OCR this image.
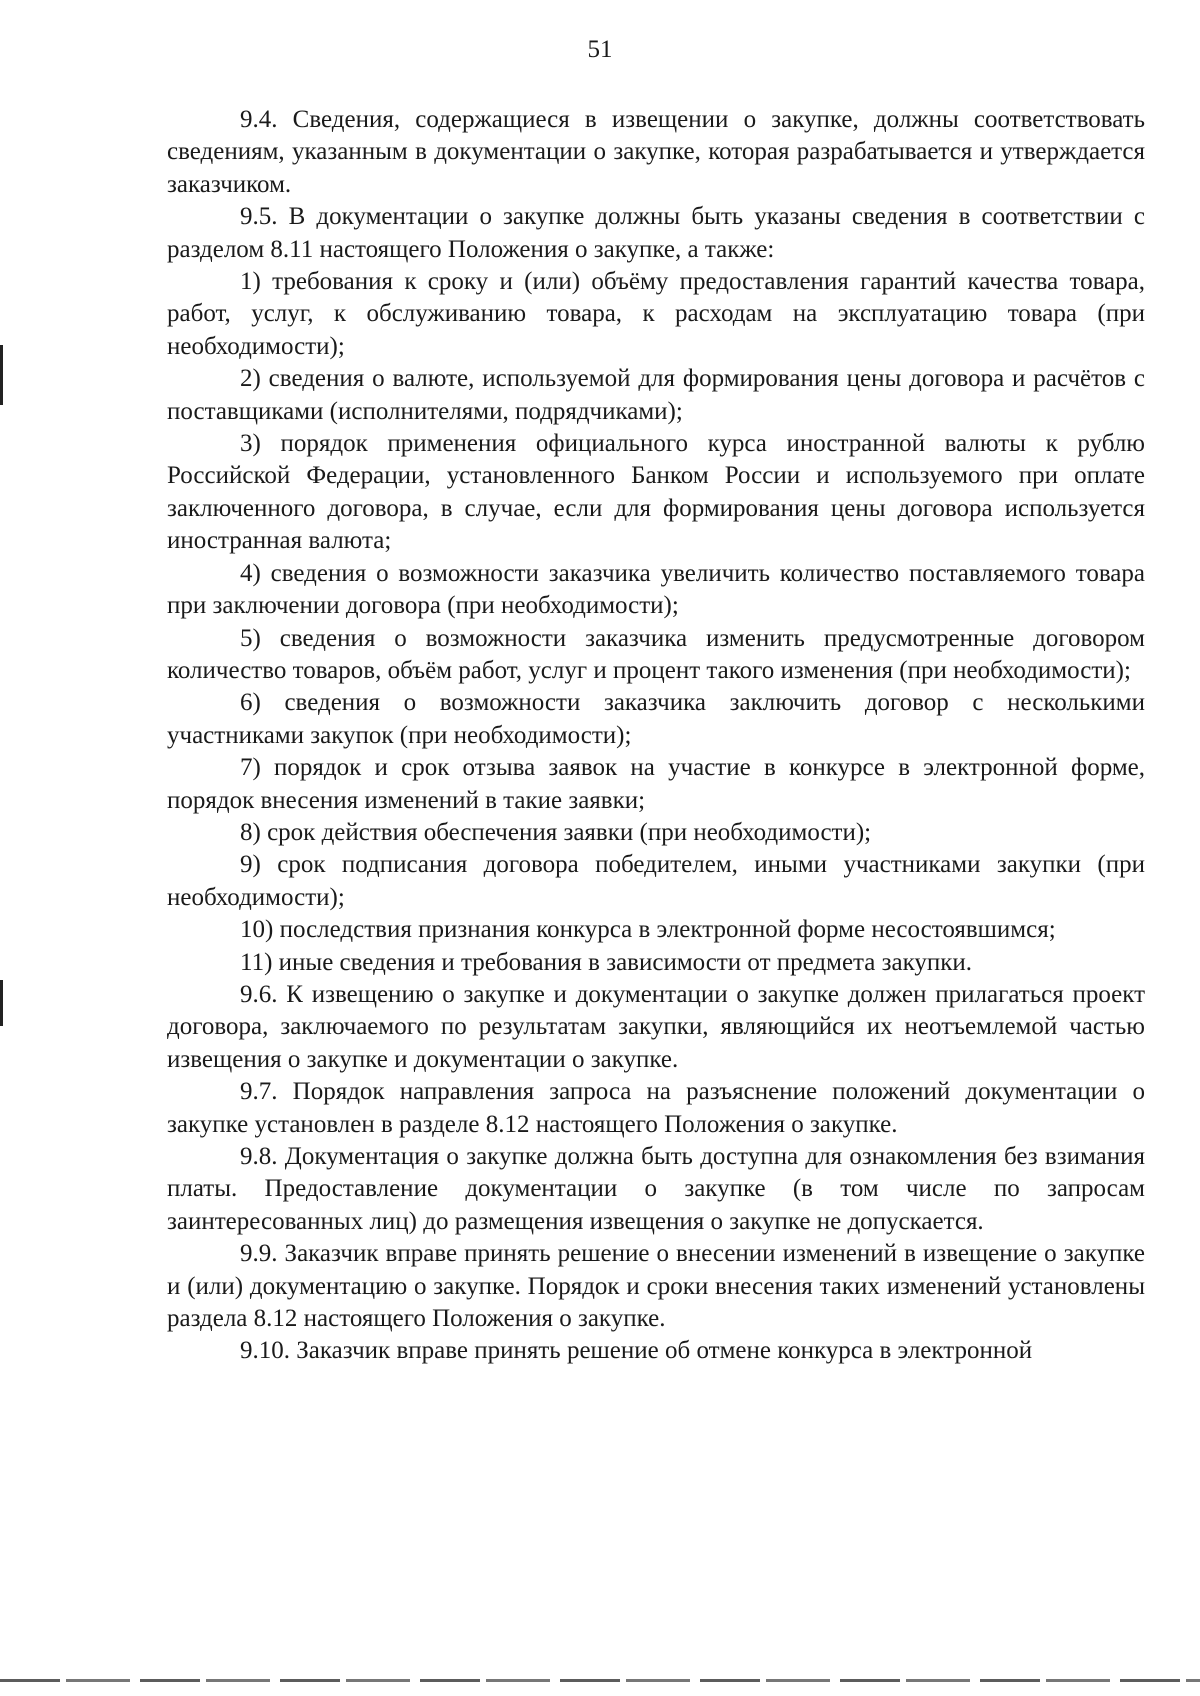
51

9.4. Сведения, содержащиеся в извещении о закупке, должны соответствовать сведениям, указанным в документации о закупке, которая разрабатывается и утверждается заказчиком.

9.5. В документации о закупке должны быть указаны сведения в соответствии с разделом 8.11 настоящего Положения о закупке, а также:

1) требования к сроку и (или) объёму предоставления гарантий качества товара, работ, услуг, к обслуживанию товара, к расходам на эксплуатацию товара (при необходимости);

2) сведения о валюте, используемой для формирования цены договора и расчётов с поставщиками (исполнителями, подрядчиками);

3) порядок применения официального курса иностранной валюты к рублю Российской Федерации, установленного Банком России и используемого при оплате заключенного договора, в случае, если для формирования цены договора используется иностранная валюта;

4) сведения о возможности заказчика увеличить количество поставляемого товара при заключении договора (при необходимости);

5) сведения о возможности заказчика изменить предусмотренные договором количество товаров, объём работ, услуг и процент такого изменения (при необходимости);

6) сведения о возможности заказчика заключить договор с несколькими участниками закупок (при необходимости);

7) порядок и срок отзыва заявок на участие в конкурсе в электронной форме, порядок внесения изменений в такие заявки;

8) срок действия обеспечения заявки (при необходимости);

9) срок подписания договора победителем, иными участниками закупки (при необходимости);

10) последствия признания конкурса в электронной форме несостоявшимся;

11) иные сведения и требования в зависимости от предмета закупки.

9.6. К извещению о закупке и документации о закупке должен прилагаться проект договора, заключаемого по результатам закупки, являющийся их неотъемлемой частью извещения о закупке и документации о закупке.

9.7. Порядок направления запроса на разъяснение положений документации о закупке установлен в разделе 8.12 настоящего Положения о закупке.

9.8. Документация о закупке должна быть доступна для ознакомления без взимания платы. Предоставление документации о закупке (в том числе по запросам заинтересованных лиц) до размещения извещения о закупке не допускается.

9.9. Заказчик вправе принять решение о внесении изменений в извещение о закупке и (или) документацию о закупке. Порядок и сроки внесения таких изменений установлены раздела 8.12 настоящего Положения о закупке.

9.10. Заказчик вправе принять решение об отмене конкурса в электронной
